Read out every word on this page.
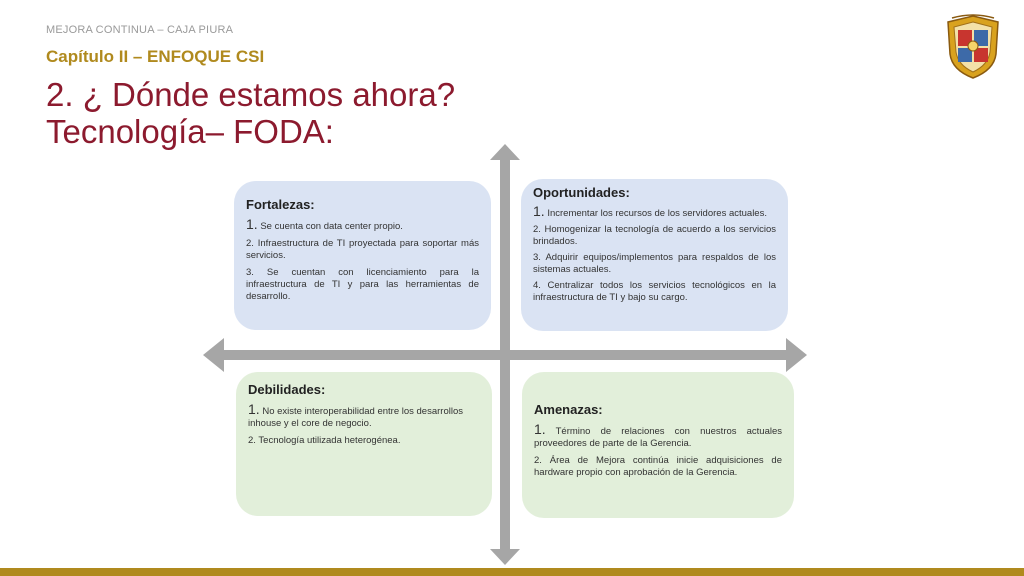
MEJORA CONTINUA – CAJA PIURA
Capítulo II – ENFOQUE CSI
2. ¿ Dónde estamos ahora?
Tecnología– FODA:
Fortalezas:
1. Se cuenta con data center propio.
2. Infraestructura de TI proyectada para soportar más servicios.
3. Se cuentan con licenciamiento para la infraestructura de TI y para las herramientas de desarrollo.
Oportunidades:
1. Incrementar los recursos de los servidores actuales.
2. Homogenizar la tecnología de acuerdo a los servicios brindados.
3. Adquirir equipos/implementos para respaldos de los sistemas actuales.
4. Centralizar todos los servicios tecnológicos en la infraestructura de TI y bajo su cargo.
Debilidades:
1. No existe interoperabilidad entre los desarrollos inhouse y el core de negocio.
2. Tecnología utilizada heterogénea.
Amenazas:
1. Término de relaciones con nuestros actuales proveedores de parte de la Gerencia.
2. Área de Mejora continúa inicie adquisiciones de hardware propio con aprobación de la Gerencia.
